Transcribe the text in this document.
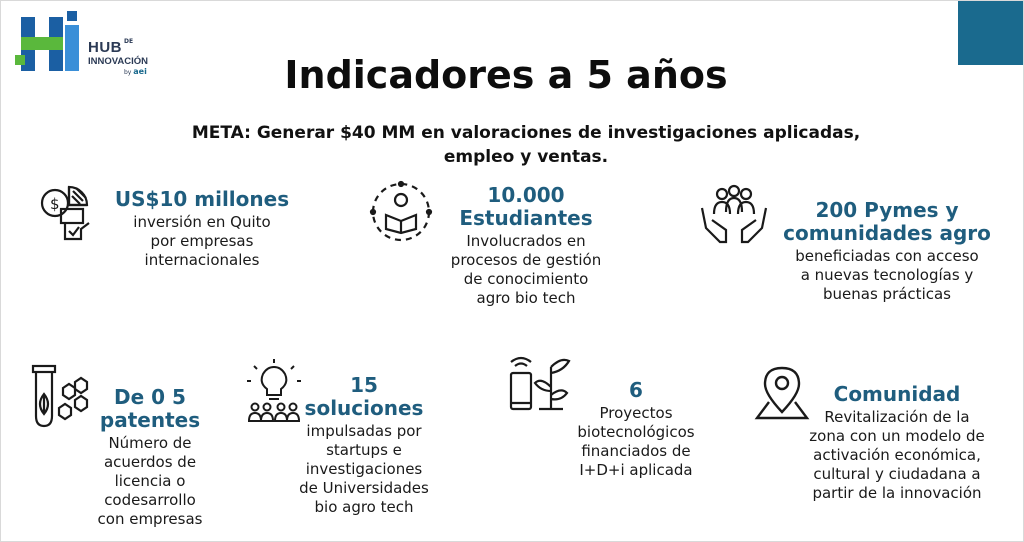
HUB $^{DE}$
INNOVACIÓN
by aei	Indicadores a 5 años
META: Generar $40 MM en valoraciones de investigaciones aplicadas,
empleo y ventas.
$	US$10 millones
inversión en Quito
por empresas
internacionales
10.000
Estudiantes
Involucrados en
procesos de gestión
de conocimiento
agro bio tech
200 Pymes y
comunidades agro
beneficiadas con acceso
a nuevas tecnologías y
buenas prácticas
De 0 5
patentes
Número de
acuerdos de
licencia o
codesarrollo
con empresas
15
soluciones
impulsadas por
startups e
investigaciones
de Universidades
bio agro tech
6
Proyectos
biotecnológicos
financiados de
I+D+i aplicada
Comunidad
Revitalización de la
zona con un modelo de
activación económica,
cultural y ciudadana a
partir de la innovación
